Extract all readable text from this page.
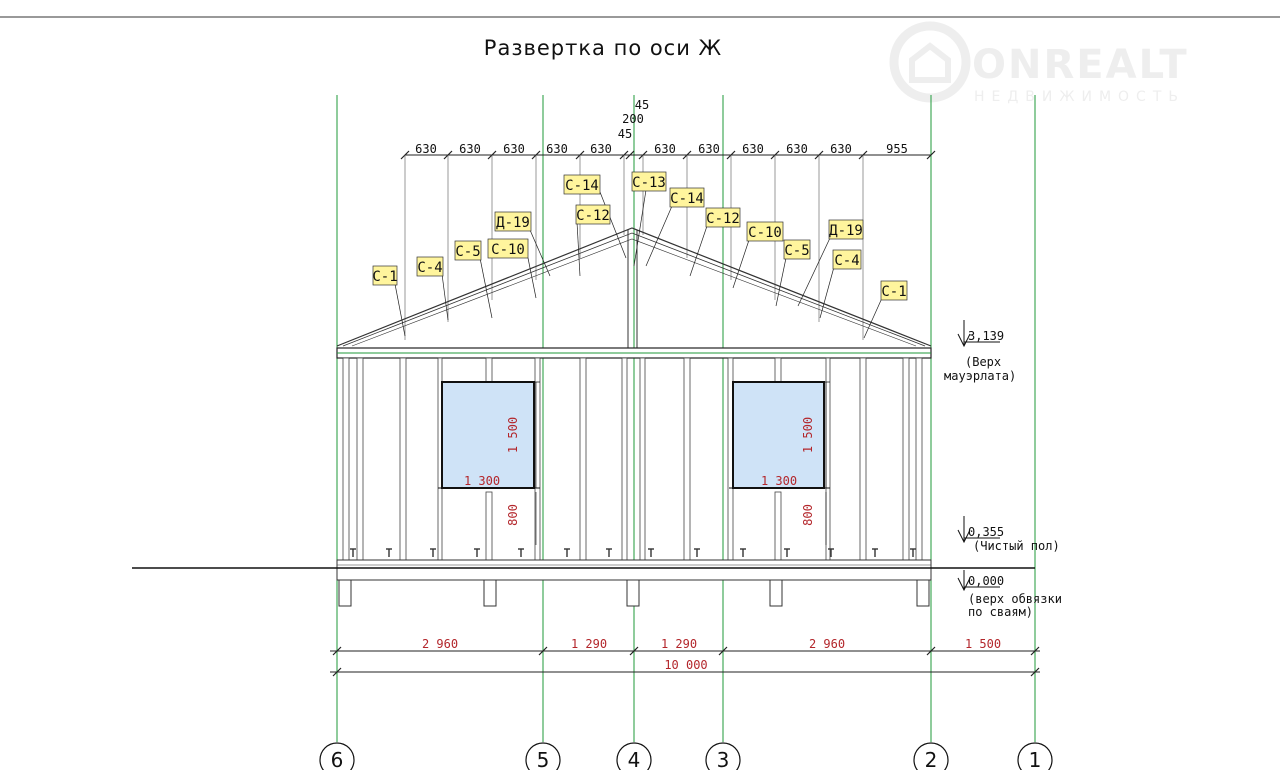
ONREALT
НЕДВИЖИМОСТЬ
Развертка по оси Ж
630 630 630 630 630	630 630 630 630 630	955
45
200
45
1 300
1 500
800
1 300
1 500
800
С-1
С-4
С-5
Д-19
С-10
С-14
С-12
С-13
С-14
С-12
С-10
С-5
Д-19
С-4
С-1
3,139
(Верх
мауэрлата)
0,355
(Чистый пол)
0,000
(верх обвязки
по сваям)
2 960	1 290	1 290	2 960	1 500
10 000
6	5	4	3	2	1
